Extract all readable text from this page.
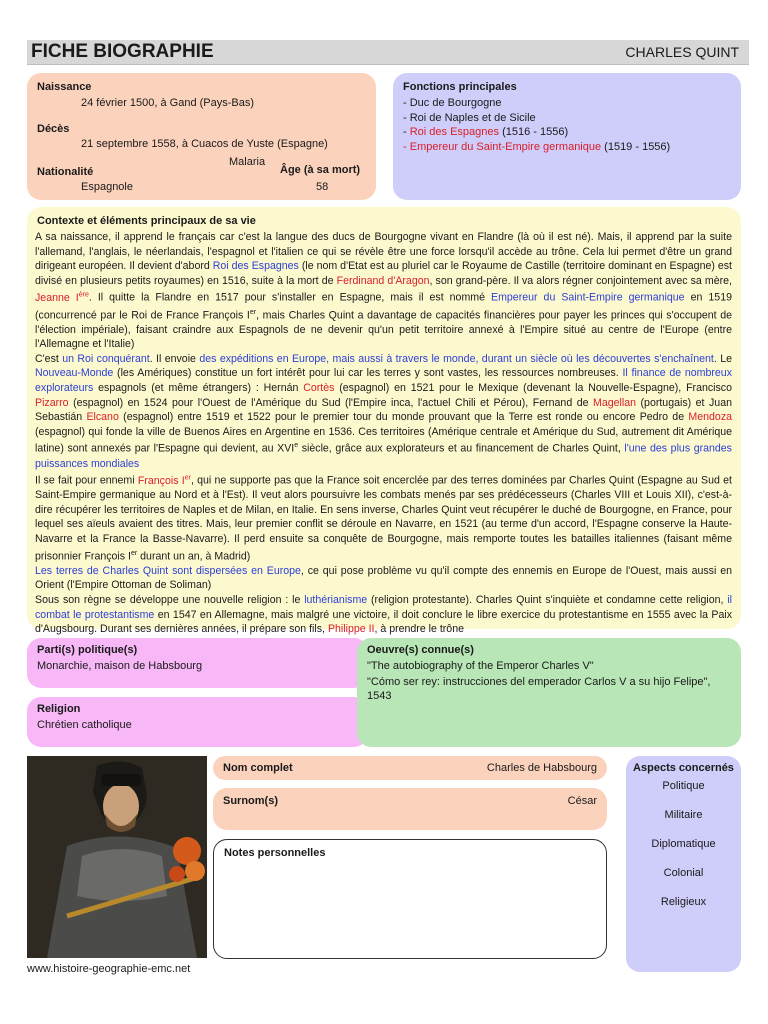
FICHE BIOGRAPHIE	CHARLES QUINT
Naissance
24 février 1500, à Gand (Pays-Bas)
Décès
21 septembre 1558, à Cuacos de Yuste (Espagne)
Malaria
Nationalité	Âge (à sa mort)
Espagnole	58
Fonctions principales
- Duc de Bourgogne
- Roi de Naples et de Sicile
- Roi des Espagnes (1516 - 1556)
- Empereur du Saint-Empire germanique (1519 - 1556)
Contexte et éléments principaux de sa vie

A sa naissance, il apprend le français car c'est la langue des ducs de Bourgogne vivant en Flandre (là où il est né). Mais, il apprend par la suite l'allemand, l'anglais, le néerlandais, l'espagnol et l'italien ce qui se révèle être une force lorsqu'il accède au trône. Cela lui permet d'être un grand dirigeant européen. Il devient d'abord Roi des Espagnes (le nom d'Etat est au pluriel car le Royaume de Castille (territoire dominant en Espagne) est divisé en plusieurs petits royaumes) en 1516, suite à la mort de Ferdinand d'Aragon, son grand-père. Il va alors régner conjointement avec sa mère, Jeanne Ière. Il quitte la Flandre en 1517 pour s'installer en Espagne, mais il est nommé Empereur du Saint-Empire germanique en 1519 (concurrencé par le Roi de France François Ier, mais Charles Quint a davantage de capacités financières pour payer les princes qui s'occupent de l'élection impériale), faisant craindre aux Espagnols de ne devenir qu'un petit territoire annexé à l'Empire situé au centre de l'Europe (entre l'Allemagne et l'Italie)

C'est un Roi conquérant. Il envoie des expéditions en Europe, mais aussi à travers le monde, durant un siècle où les découvertes s'enchaînent. Le Nouveau-Monde (les Amériques) constitue un fort intérêt pour lui car les terres y sont vastes, les ressources nombreuses. Il finance de nombreux explorateurs espagnols (et même étrangers) : Hernán Cortès (espagnol) en 1521 pour le Mexique (devenant la Nouvelle-Espagne), Francisco Pizarro (espagnol) en 1524 pour l'Ouest de l'Amérique du Sud (l'Empire inca, l'actuel Chili et Pérou), Fernand de Magellan (portugais) et Juan Sebastián Elcano (espagnol) entre 1519 et 1522 pour le premier tour du monde prouvant que la Terre est ronde ou encore Pedro de Mendoza (espagnol) qui fonde la ville de Buenos Aires en Argentine en 1536. Ces territoires (Amérique centrale et Amérique du Sud, autrement dit Amérique latine) sont annexés par l'Espagne qui devient, au XVIe siècle, grâce aux explorateurs et au financement de Charles Quint, l'une des plus grandes puissances mondiales

Il se fait pour ennemi François Ier, qui ne supporte pas que la France soit encerclée par des terres dominées par Charles Quint (Espagne au Sud et Saint-Empire germanique au Nord et à l'Est). Il veut alors poursuivre les combats menés par ses prédécesseurs (Charles VIII et Louis XII), c'est-à-dire récupérer les territoires de Naples et de Milan, en Italie. En sens inverse, Charles Quint veut récupérer le duché de Bourgogne, en France, pour lequel ses aïeuls avaient des titres. Mais, leur premier conflit se déroule en Navarre, en 1521 (au terme d'un accord, l'Espagne conserve la Haute-Navarre et la France la Basse-Navarre). Il perd ensuite sa conquête de Bourgogne, mais remporte toutes les batailles italiennes (faisant même prisonnier François Ier durant un an, à Madrid)

Les terres de Charles Quint sont dispersées en Europe, ce qui pose problème vu qu'il compte des ennemis en Europe de l'Ouest, mais aussi en Orient (l'Empire Ottoman de Soliman)

Sous son règne se développe une nouvelle religion : le luthérianisme (religion protestante). Charles Quint s'inquiète et condamne cette religion, il combat le protestantisme en 1547 en Allemagne, mais malgré une victoire, il doit conclure le libre exercice du protestantisme en 1555 avec la Paix d'Augsbourg. Durant ses dernières années, il prépare son fils, Philippe II, à prendre le trône

Parti(s) politique(s)
Monarchie, maison de Habsbourg
Religion
Chrétien catholique
Oeuvre(s) connue(s)
"The autobiography of the Emperor Charles V"
"Cómo ser rey: instrucciones del emperador Carlos V a su hijo Felipe", 1543
www.histoire-geographie-emc.net
Nom complet	Charles de Habsbourg
Surnom(s)	César
Notes personnelles
Aspects concernés
Politique
Militaire
Diplomatique
Colonial
Religieux
